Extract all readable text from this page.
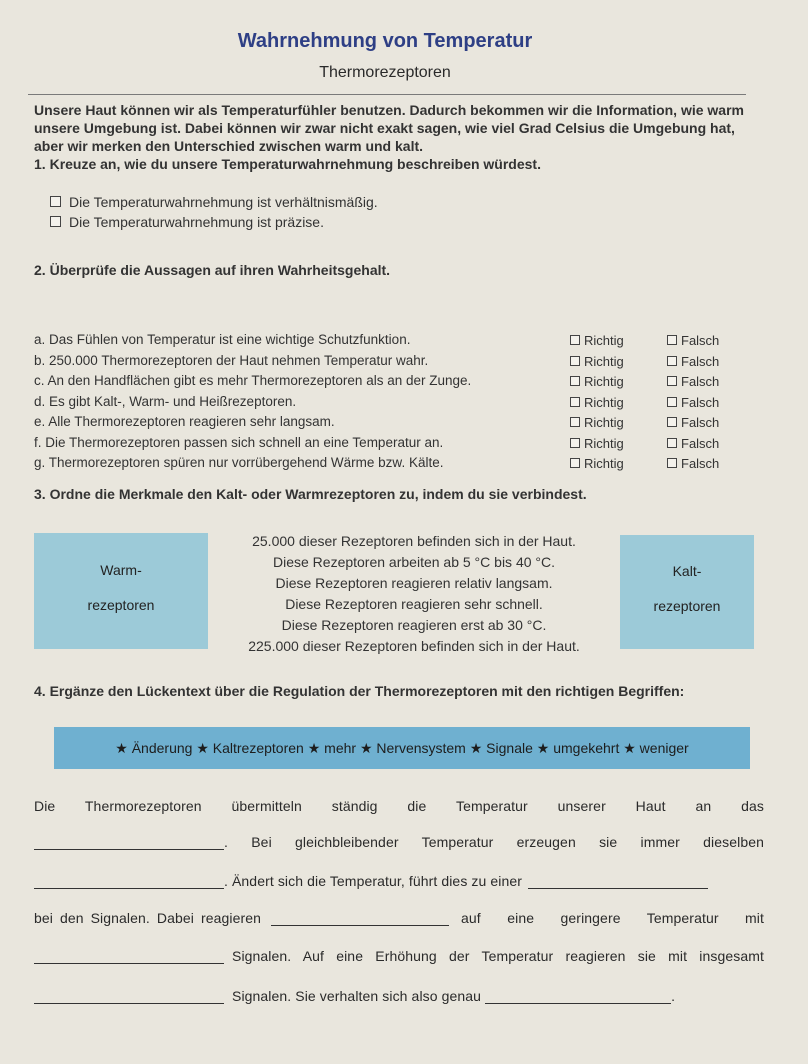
Wahrnehmung von Temperatur
Thermorezeptoren
Unsere Haut können wir als Temperaturfühler benutzen. Dadurch bekommen wir die Information, wie warm unsere Umgebung ist. Dabei können wir zwar nicht exakt sagen, wie viel Grad Celsius die Umgebung hat, aber wir merken den Unterschied zwischen warm und kalt.
1. Kreuze an, wie du unsere Temperaturwahrnehmung beschreiben würdest.
Die Temperaturwahrnehmung ist verhältnismäßig.
Die Temperaturwahrnehmung ist präzise.
2. Überprüfe die Aussagen auf ihren Wahrheitsgehalt.
a. Das Fühlen von Temperatur ist eine wichtige Schutzfunktion.	Richtig	Falsch
b. 250.000 Thermorezeptoren der Haut nehmen Temperatur wahr.	Richtig	Falsch
c. An den Handflächen gibt es mehr Thermorezeptoren als an der Zunge.	Richtig	Falsch
d. Es gibt Kalt-, Warm- und Heißrezeptoren.	Richtig	Falsch
e. Alle Thermorezeptoren reagieren sehr langsam.	Richtig	Falsch
f. Die Thermorezeptoren passen sich schnell an eine Temperatur an.	Richtig	Falsch
g. Thermorezeptoren spüren nur vorrübergehend Wärme bzw. Kälte.	Richtig	Falsch
3. Ordne die Merkmale den Kalt- oder Warmrezeptoren zu, indem du sie verbindest.
Warm-
rezeptoren
Kalt-
rezeptoren
25.000 dieser Rezeptoren befinden sich in der Haut.
Diese Rezeptoren arbeiten ab 5 °C bis 40 °C.
Diese Rezeptoren reagieren relativ langsam.
Diese Rezeptoren reagieren sehr schnell.
Diese Rezeptoren reagieren erst ab 30 °C.
225.000 dieser Rezeptoren befinden sich in der Haut.
4. Ergänze den Lückentext über die Regulation der Thermorezeptoren mit den richtigen Begriffen:
★ Änderung ★ Kaltrezeptoren ★ mehr ★ Nervensystem ★ Signale ★ umgekehrt ★ weniger
Die Thermorezeptoren übermitteln ständig die Temperatur unserer Haut an das
. Bei gleichbleibender Temperatur erzeugen sie immer dieselben
. Ändert sich die Temperatur, führt dies zu einer
bei den Signalen. Dabei reagieren	auf eine geringere Temperatur mit
Signalen. Auf eine Erhöhung der Temperatur reagieren sie mit insgesamt
Signalen. Sie verhalten sich also genau	.
